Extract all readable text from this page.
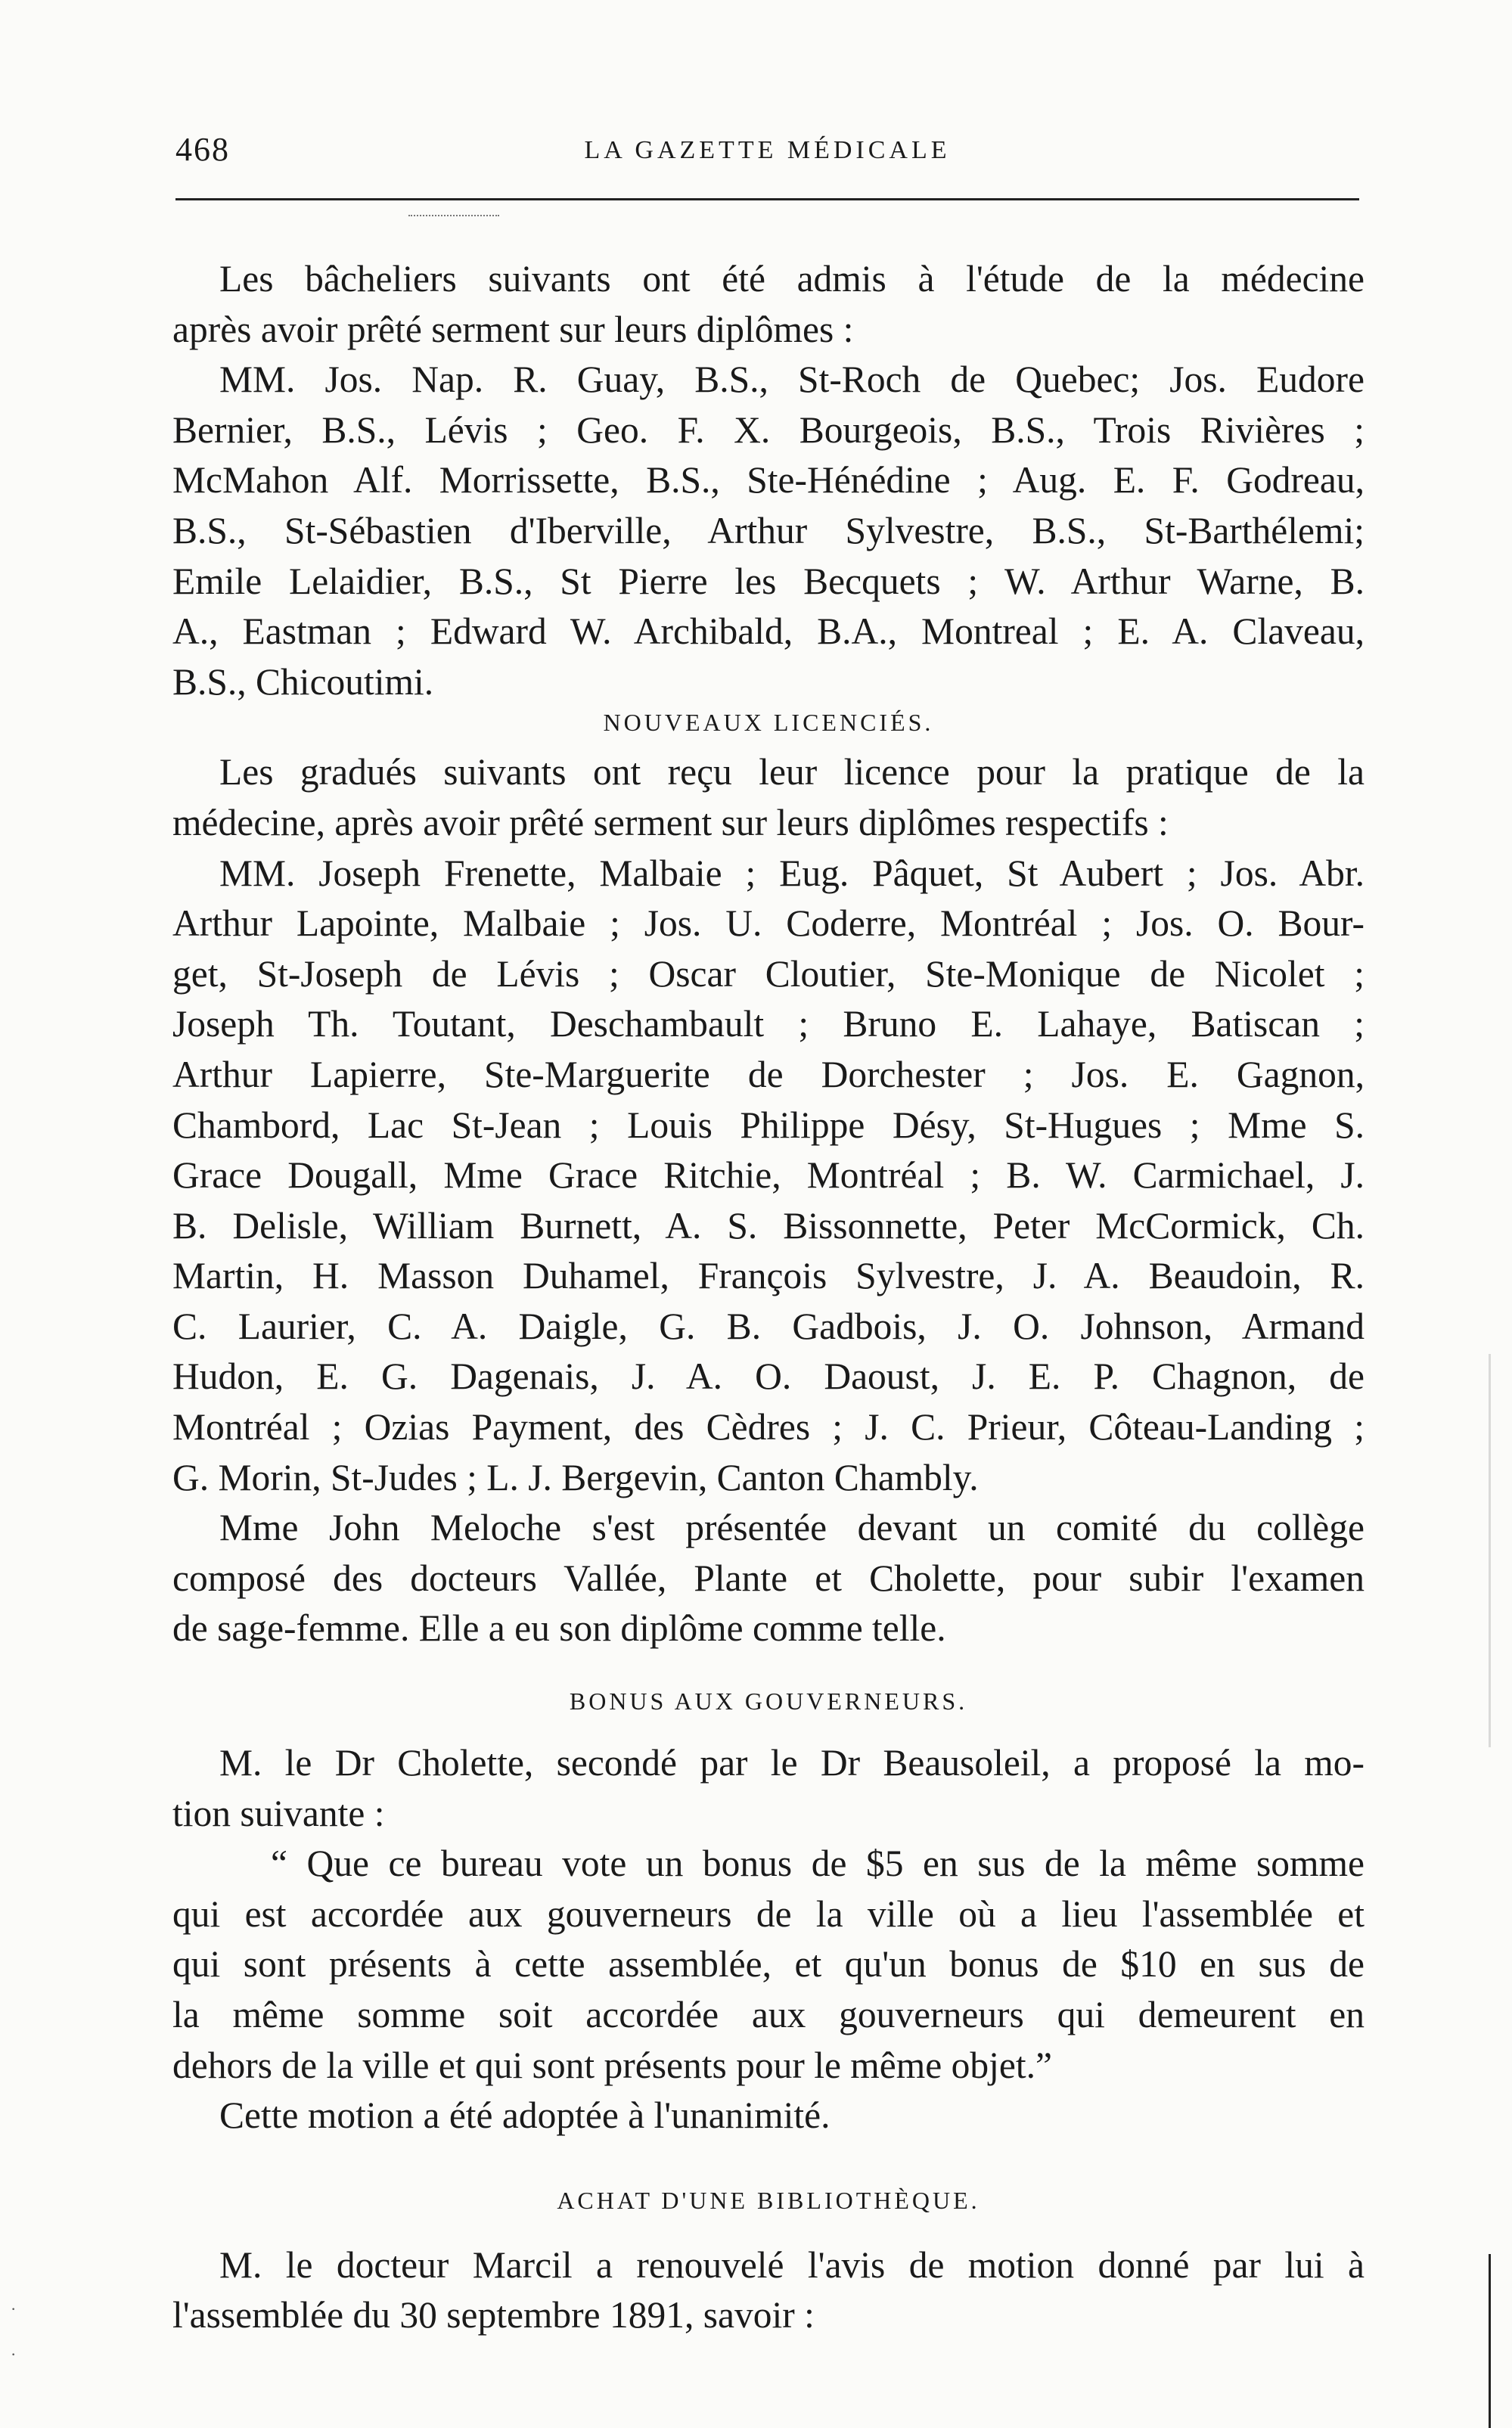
468	LA GAZETTE MÉDICALE

Les bâcheliers suivants ont été admis à l'étude de la médecine
après avoir prêté serment sur leurs diplômes :
MM. Jos. Nap. R. Guay, B.S., St-Roch de Quebec; Jos. Eudore
Bernier, B.S., Lévis ; Geo. F. X. Bourgeois, B.S., Trois Rivières ;
McMahon Alf. Morrissette, B.S., Ste-Hénédine ; Aug. E. F. Godreau,
B.S., St-Sébastien d'Iberville, Arthur Sylvestre, B.S., St-Barthélemi;
Emile Lelaidier, B.S., St Pierre les Becquets ; W. Arthur Warne, B.
A., Eastman ; Edward W. Archibald, B.A., Montreal ; E. A. Claveau,
B.S., Chicoutimi.

NOUVEAUX LICENCIÉS.

Les gradués suivants ont reçu leur licence pour la pratique de la
médecine, après avoir prêté serment sur leurs diplômes respectifs :
MM. Joseph Frenette, Malbaie ; Eug. Pâquet, St Aubert ; Jos. Abr.
Arthur Lapointe, Malbaie ; Jos. U. Coderre, Montréal ; Jos. O. Bour-
get, St-Joseph de Lévis ; Oscar Cloutier, Ste-Monique de Nicolet ;
Joseph Th. Toutant, Deschambault ; Bruno E. Lahaye, Batiscan ;
Arthur Lapierre, Ste-Marguerite de Dorchester ; Jos. E. Gagnon,
Chambord, Lac St-Jean ; Louis Philippe Désy, St-Hugues ; Mme S.
Grace Dougall, Mme Grace Ritchie, Montréal ; B. W. Carmichael, J.
B. Delisle, William Burnett, A. S. Bissonnette, Peter McCormick, Ch.
Martin, H. Masson Duhamel, François Sylvestre, J. A. Beaudoin, R.
C. Laurier, C. A. Daigle, G. B. Gadbois, J. O. Johnson, Armand
Hudon, E. G. Dagenais, J. A. O. Daoust, J. E. P. Chagnon, de
Montréal ; Ozias Payment, des Cèdres ; J. C. Prieur, Côteau-Landing ;
G. Morin, St-Judes ; L. J. Bergevin, Canton Chambly.
Mme John Meloche s'est présentée devant un comité du collège
composé des docteurs Vallée, Plante et Cholette, pour subir l'examen
de sage-femme. Elle a eu son diplôme comme telle.

BONUS AUX GOUVERNEURS.

M. le Dr Cholette, secondé par le Dr Beausoleil, a proposé la mo-
tion suivante :
“ Que ce bureau vote un bonus de $5 en sus de la même somme
qui est accordée aux gouverneurs de la ville où a lieu l'assemblée et
qui sont présents à cette assemblée, et qu'un bonus de $10 en sus de
la même somme soit accordée aux gouverneurs qui demeurent en
dehors de la ville et qui sont présents pour le même objet.”
Cette motion a été adoptée à l'unanimité.

ACHAT D'UNE BIBLIOTHÈQUE.

M. le docteur Marcil a renouvelé l'avis de motion donné par lui à
l'assemblée du 30 septembre 1891, savoir :

·
·
